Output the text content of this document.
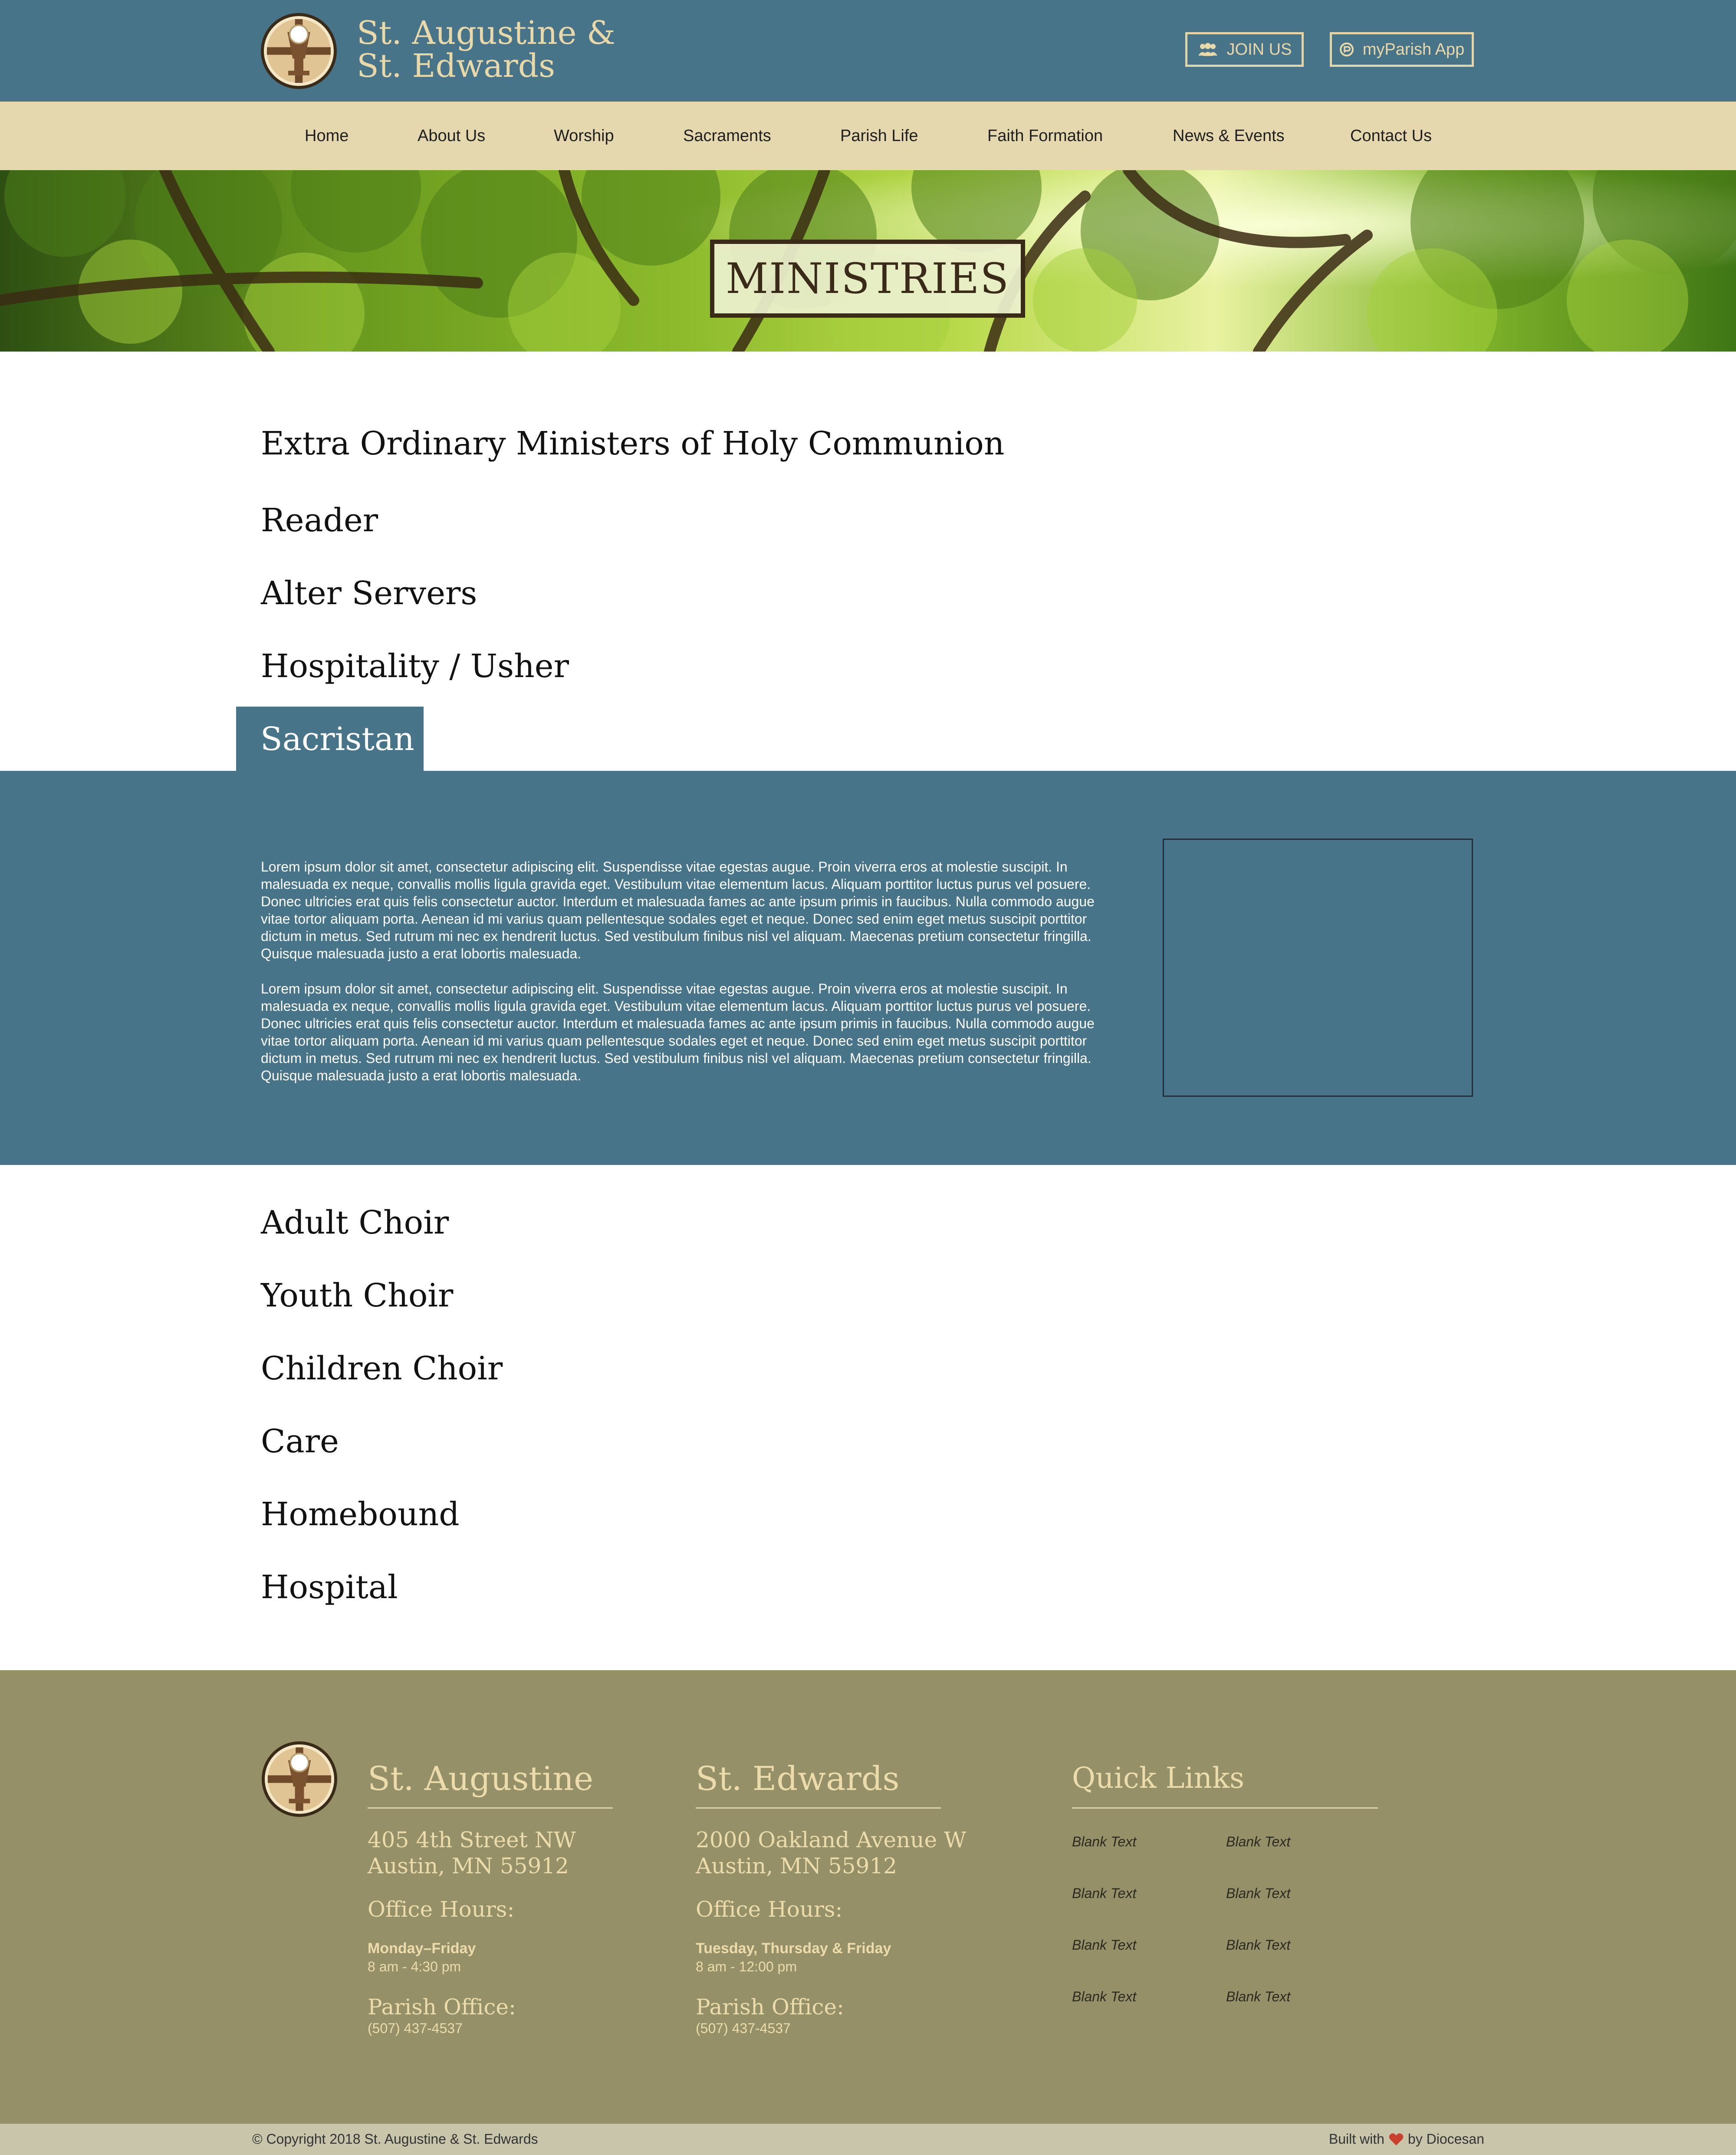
St. Augustine &
St. Edwards	JOIN US	myParish App
Home	About Us	Worship	Sacraments	Parish Life	Faith Formation	News & Events	Contact Us
MINISTRIES
Extra Ordinary Ministers of Holy Communion
Reader
Alter Servers
Hospitality / Usher
Sacristan

Lorem ipsum dolor sit amet, consectetur adipiscing elit. Suspendisse vitae egestas augue. Proin viverra eros at molestie suscipit. In malesuada ex neque, convallis mollis ligula gravida eget. Vestibulum vitae elementum lacus. Aliquam porttitor luctus purus vel posuere. Donec ultricies erat quis felis consectetur auctor. Interdum et malesuada fames ac ante ipsum primis in faucibus. Nulla commodo augue vitae tortor aliquam porta. Aenean id mi varius quam pellentesque sodales eget et neque. Donec sed enim eget metus suscipit porttitor dictum in metus. Sed rutrum mi nec ex hendrerit luctus. Sed vestibulum finibus nisl vel aliquam. Maecenas pretium consectetur fringilla. Quisque malesuada justo a erat lobortis malesuada.

Lorem ipsum dolor sit amet, consectetur adipiscing elit. Suspendisse vitae egestas augue. Proin viverra eros at molestie suscipit. In malesuada ex neque, convallis mollis ligula gravida eget. Vestibulum vitae elementum lacus. Aliquam porttitor luctus purus vel posuere. Donec ultricies erat quis felis consectetur auctor. Interdum et malesuada fames ac ante ipsum primis in faucibus. Nulla commodo augue vitae tortor aliquam porta. Aenean id mi varius quam pellentesque sodales eget et neque. Donec sed enim eget metus suscipit porttitor dictum in metus. Sed rutrum mi nec ex hendrerit luctus. Sed vestibulum finibus nisl vel aliquam. Maecenas pretium consectetur fringilla. Quisque malesuada justo a erat lobortis malesuada.

Adult Choir
Youth Choir
Children Choir
Care
Homebound
Hospital
St. Augustine
405 4th Street NW
Austin, MN 55912
Office Hours:
Monday–Friday
8 am - 4:30 pm
Parish Office:
(507) 437-4537
St. Edwards
2000 Oakland Avenue W
Austin, MN 55912
Office Hours:
Tuesday, Thursday & Friday
8 am - 12:00 pm
Parish Office:
(507) 437-4537
Quick Links
Blank Text	Blank Text
Blank Text	Blank Text
Blank Text	Blank Text
Blank Text	Blank Text
© Copyright 2018 St. Augustine & St. Edwards	Built with by Diocesan
